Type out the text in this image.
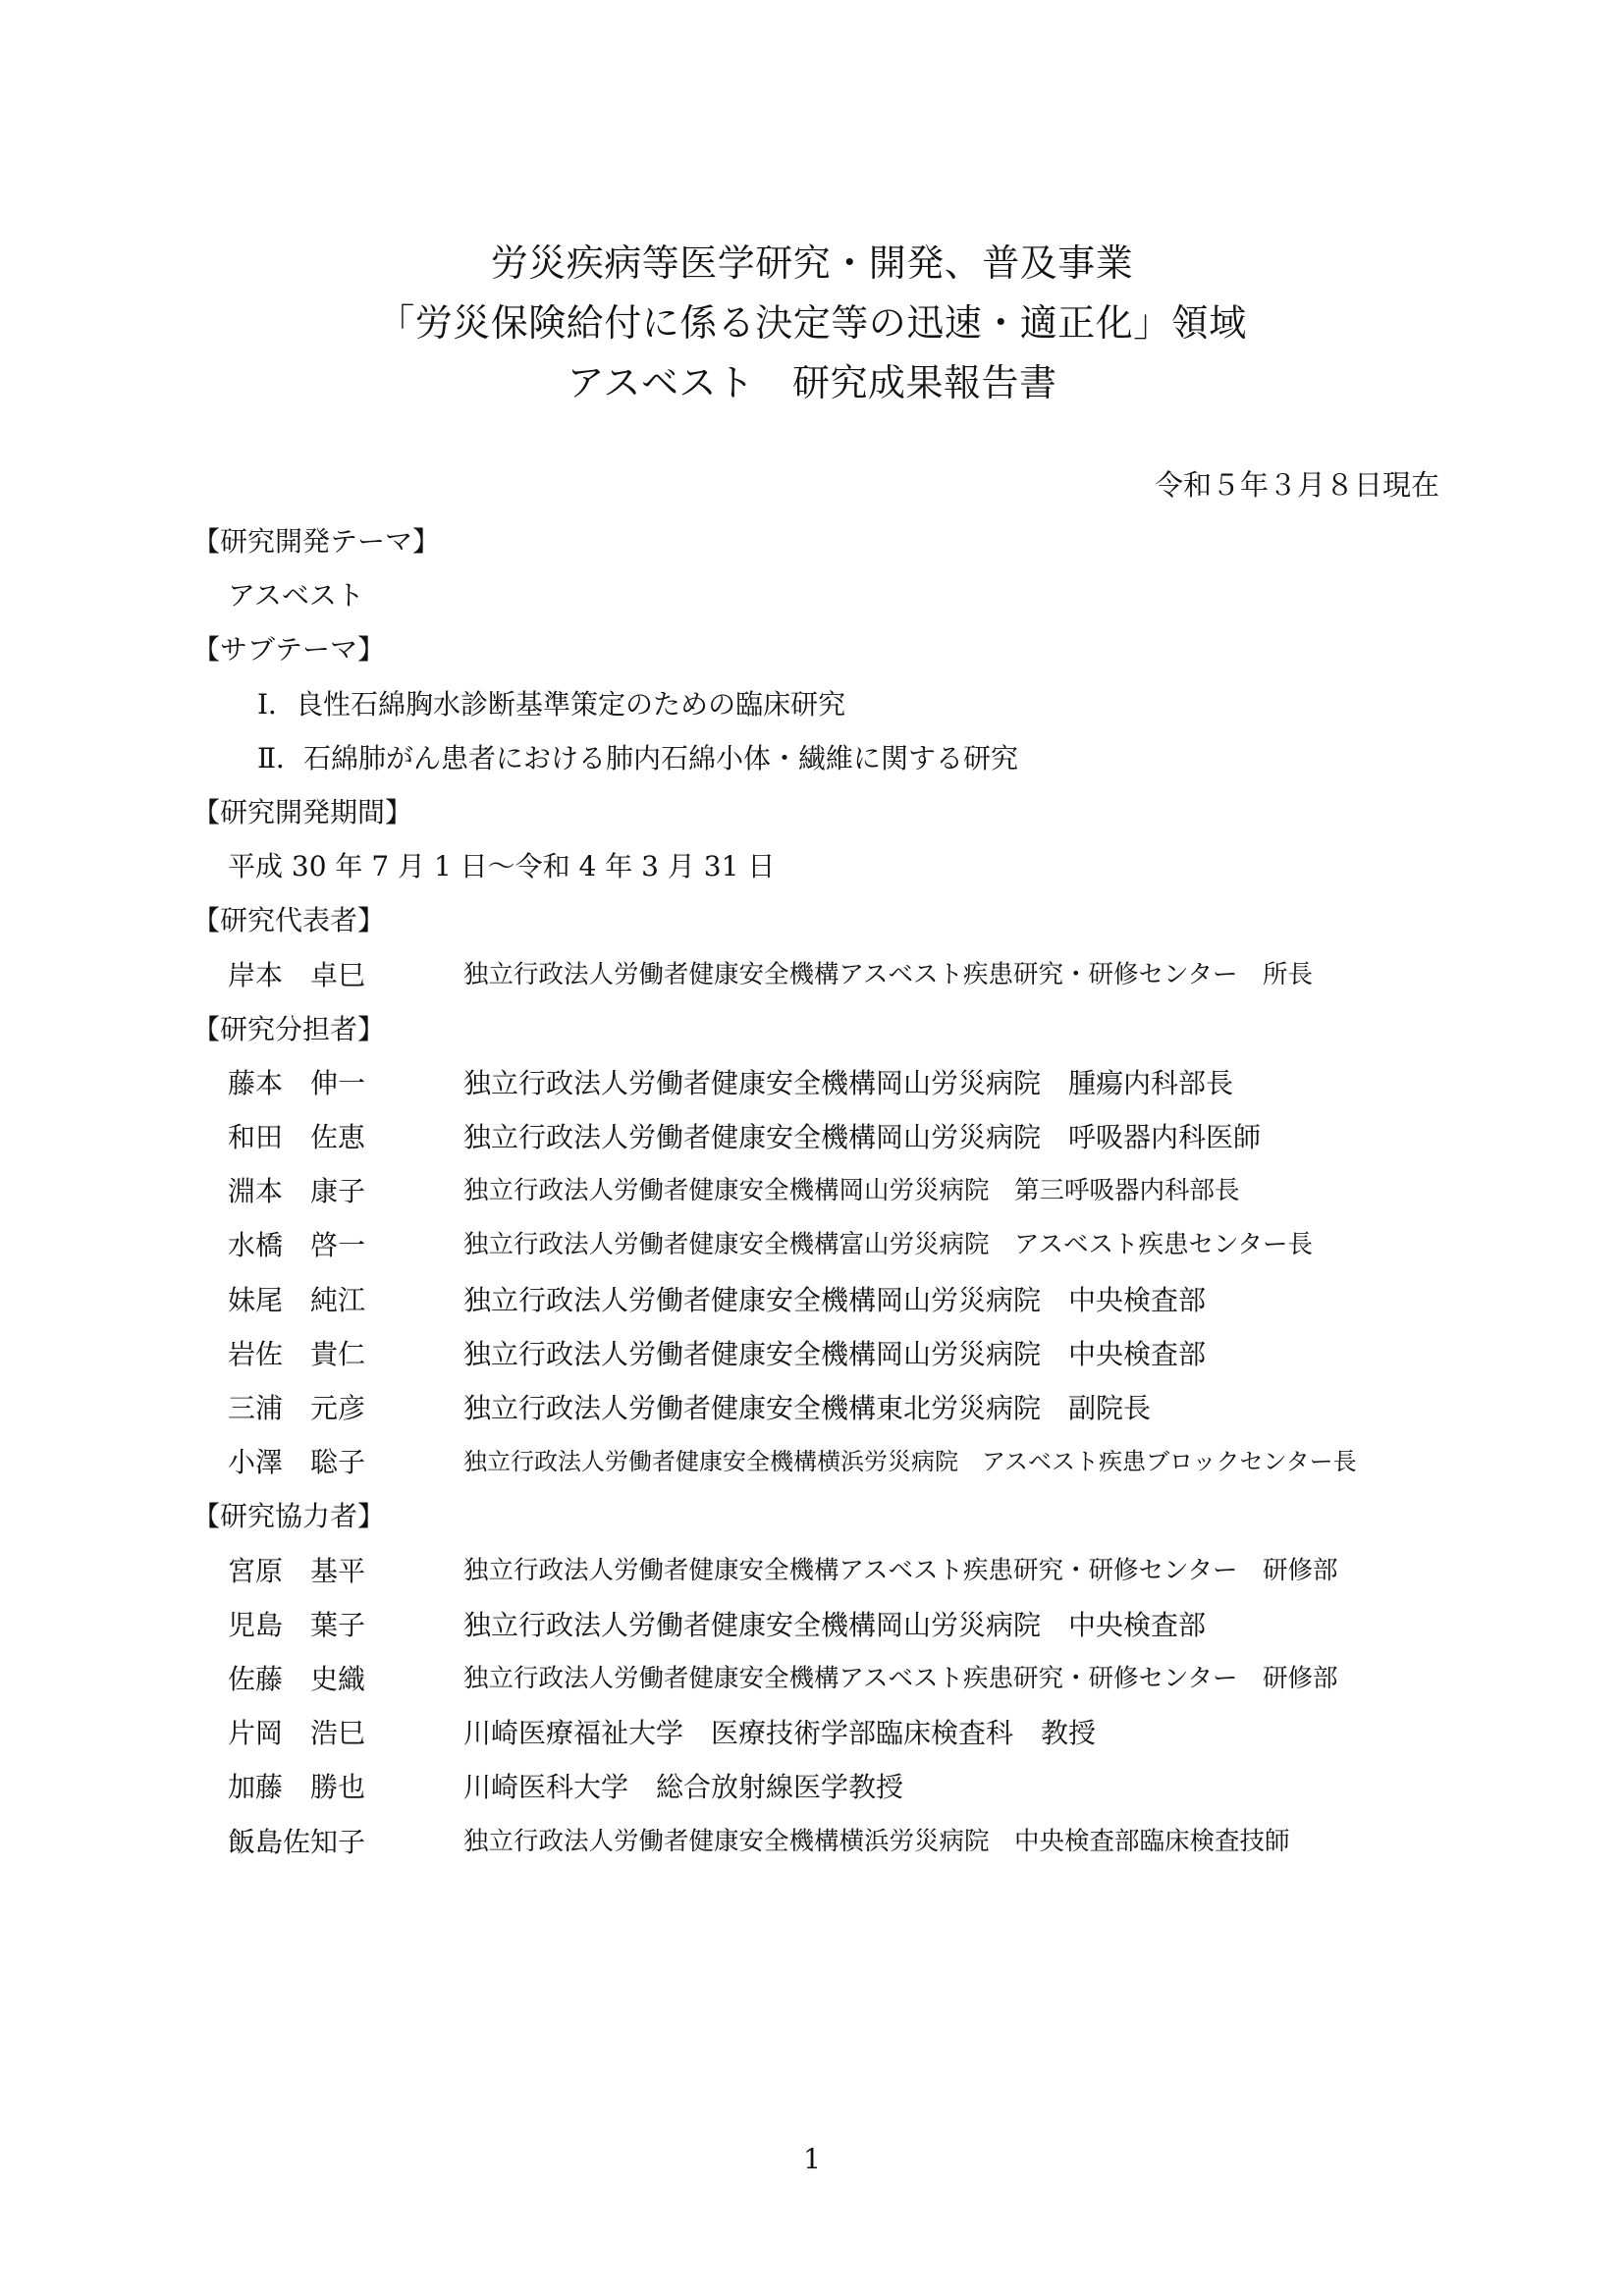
労災疾病等医学研究・開発、普及事業
「労災保険給付に係る決定等の迅速・適正化」領域
アスベスト　研究成果報告書
令和５年３月８日現在
【研究開発テーマ】
アスベスト
【サブテーマ】
Ⅰ．良性石綿胸水診断基準策定のための臨床研究
Ⅱ．石綿肺がん患者における肺内石綿小体・繊維に関する研究
【研究開発期間】
平成 30 年 7 月 1 日～令和 4 年 3 月 31 日
【研究代表者】
岸本　卓巳	独立行政法人労働者健康安全機構アスベスト疾患研究・研修センター　所長
【研究分担者】
藤本　伸一	独立行政法人労働者健康安全機構岡山労災病院　腫瘍内科部長
和田　佐恵	独立行政法人労働者健康安全機構岡山労災病院　呼吸器内科医師
淵本　康子	独立行政法人労働者健康安全機構岡山労災病院　第三呼吸器内科部長
水橋　啓一	独立行政法人労働者健康安全機構富山労災病院　アスベスト疾患センター長
妹尾　純江	独立行政法人労働者健康安全機構岡山労災病院　中央検査部
岩佐　貴仁	独立行政法人労働者健康安全機構岡山労災病院　中央検査部
三浦　元彦	独立行政法人労働者健康安全機構東北労災病院　副院長
小澤　聡子	独立行政法人労働者健康安全機構横浜労災病院　アスベスト疾患ブロックセンター長
【研究協力者】
宮原　基平	独立行政法人労働者健康安全機構アスベスト疾患研究・研修センター　研修部
児島　葉子	独立行政法人労働者健康安全機構岡山労災病院　中央検査部
佐藤　史織	独立行政法人労働者健康安全機構アスベスト疾患研究・研修センター　研修部
片岡　浩巳	川崎医療福祉大学　医療技術学部臨床検査科　教授
加藤　勝也	川崎医科大学　総合放射線医学教授
飯島佐知子	独立行政法人労働者健康安全機構横浜労災病院　中央検査部臨床検査技師
1
